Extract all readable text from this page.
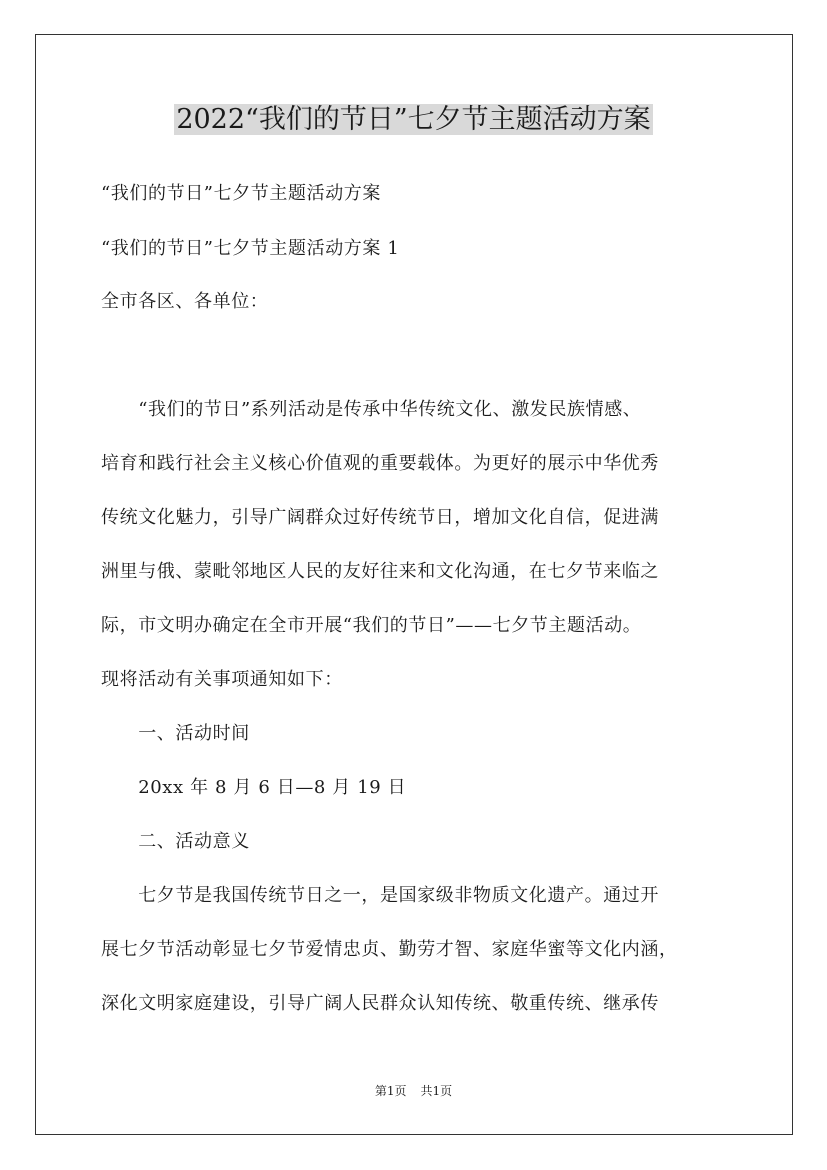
2022“我们的节日”七夕节主题活动方案
“我们的节日”七夕节主题活动方案
“我们的节日”七夕节主题活动方案 1
全市各区、各单位：
　　“我们的节日”系列活动是传承中华传统文化、激发民族情感、
培育和践行社会主义核心价值观的重要载体。为更好的展示中华优秀
传统文化魅力，引导广阔群众过好传统节日，增加文化自信，促进满
洲里与俄、蒙毗邻地区人民的友好往来和文化沟通，在七夕节来临之
际，市文明办确定在全市开展“我们的节日”——七夕节主题活动。
现将活动有关事项通知如下：
　　一、活动时间
　　20xx 年 8 月 6 日—8 月 19 日
　　二、活动意义
　　七夕节是我国传统节日之一，是国家级非物质文化遗产。通过开
展七夕节活动彰显七夕节爱情忠贞、勤劳才智、家庭华蜜等文化内涵，
深化文明家庭建设，引导广阔人民群众认知传统、敬重传统、继承传
第1页 共1页
